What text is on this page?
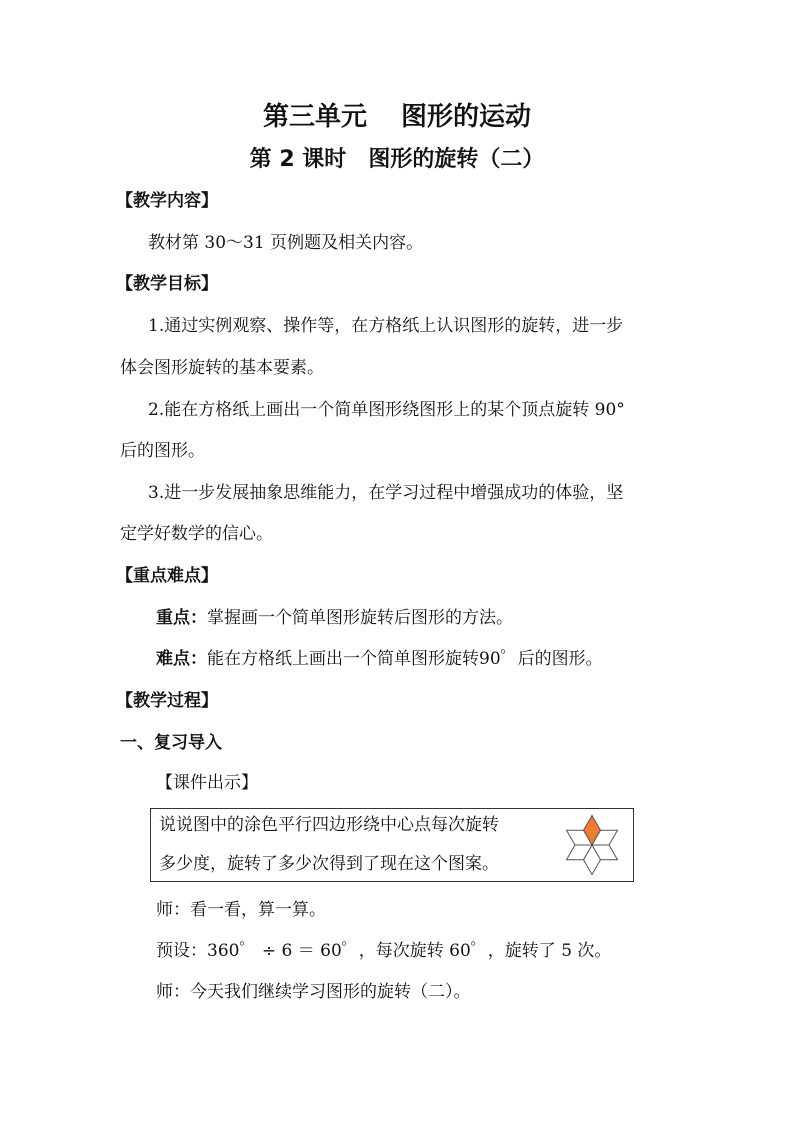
第三单元 图形的运动
第 2 课时 图形的旋转（二）
【教学内容】
教材第 30～31 页例题及相关内容。
【教学目标】
1.通过实例观察、操作等，在方格纸上认识图形的旋转，进一步
体会图形旋转的基本要素。
2.能在方格纸上画出一个简单图形绕图形上的某个顶点旋转 90°
后的图形。
3.进一步发展抽象思维能力，在学习过程中增强成功的体验，坚
定学好数学的信心。
【重点难点】
重点：掌握画一个简单图形旋转后图形的方法。
难点：能在方格纸上画出一个简单图形旋转90゜后的图形。
【教学过程】
一、复习导入
【课件出示】
说说图中的涂色平行四边形绕中心点每次旋转
多少度，旋转了多少次得到了现在这个图案。
师：看一看，算一算。
预设：360゜ ÷ 6 ＝ 60゜，每次旋转 60゜，旋转了 5 次。
师：今天我们继续学习图形的旋转（二）。
